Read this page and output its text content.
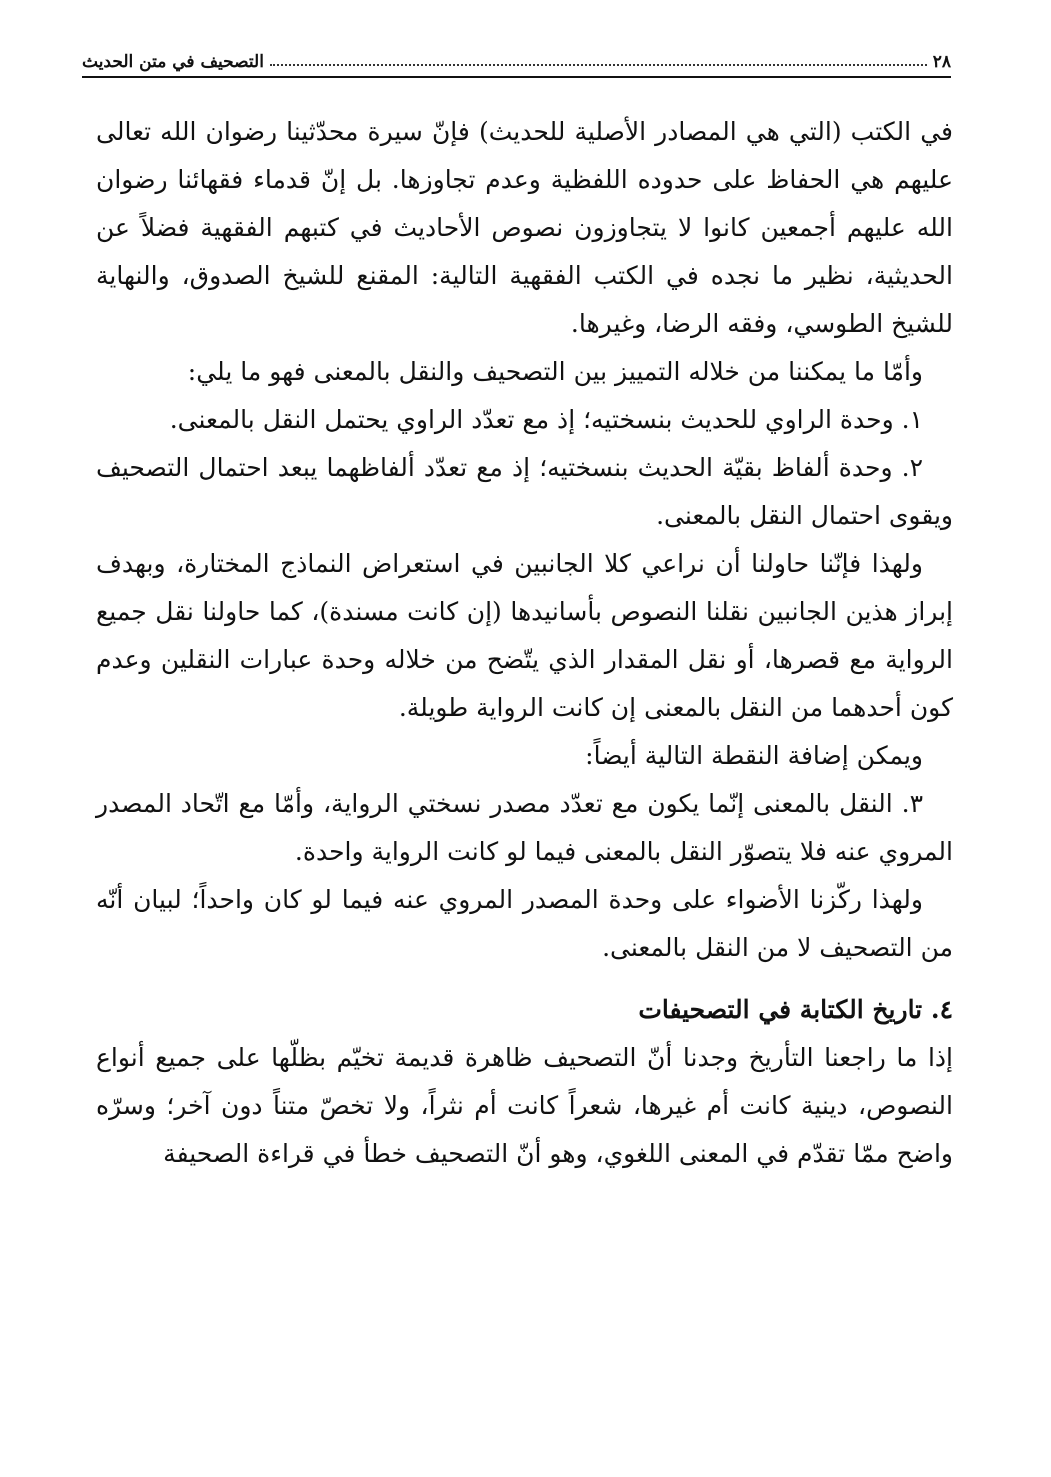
٢٨
التصحيف في متن الحديث

في الكتب (التي هي المصادر الأصلية للحديث) فإنّ سيرة محدّثينا رضوان الله تعالى عليهم هي الحفاظ على حدوده اللفظية وعدم تجاوزها. بل إنّ قدماء فقهائنا رضوان الله عليهم أجمعين كانوا لا يتجاوزون نصوص الأحاديث في كتبهم الفقهية فضلاً عن الحديثية، نظير ما نجده في الكتب الفقهية التالية: المقنع للشيخ الصدوق، والنهاية للشيخ الطوسي، وفقه الرضا، وغيرها.

وأمّا ما يمكننا من خلاله التمييز بين التصحيف والنقل بالمعنى فهو ما يلي:

١. وحدة الراوي للحديث بنسختيه؛ إذ مع تعدّد الراوي يحتمل النقل بالمعنى.

٢. وحدة ألفاظ بقيّة الحديث بنسختيه؛ إذ مع تعدّد ألفاظهما يبعد احتمال التصحيف ويقوى احتمال النقل بالمعنى.

ولهذا فإنّنا حاولنا أن نراعي كلا الجانبين في استعراض النماذج المختارة، وبهدف إبراز هذين الجانبين نقلنا النصوص بأسانيدها (إن كانت مسندة)، كما حاولنا نقل جميع الرواية مع قصرها، أو نقل المقدار الذي يتّضح من خلاله وحدة عبارات النقلين وعدم كون أحدهما من النقل بالمعنى إن كانت الرواية طويلة.

ويمكن إضافة النقطة التالية أيضاً:

٣. النقل بالمعنى إنّما يكون مع تعدّد مصدر نسختي الرواية، وأمّا مع اتّحاد المصدر المروي عنه فلا يتصوّر النقل بالمعنى فيما لو كانت الرواية واحدة.

ولهذا ركّزنا الأضواء على وحدة المصدر المروي عنه فيما لو كان واحداً؛ لبيان أنّه من التصحيف لا من النقل بالمعنى.

٤. تاريخ الكتابة في التصحيفات

إذا ما راجعنا التأريخ وجدنا أنّ التصحيف ظاهرة قديمة تخيّم بظلّها على جميع أنواع النصوص، دينية كانت أم غيرها، شعراً كانت أم نثراً، ولا تخصّ متناً دون آخر؛ وسرّه واضح ممّا تقدّم في المعنى اللغوي، وهو أنّ التصحيف خطأ في قراءة الصحيفة
